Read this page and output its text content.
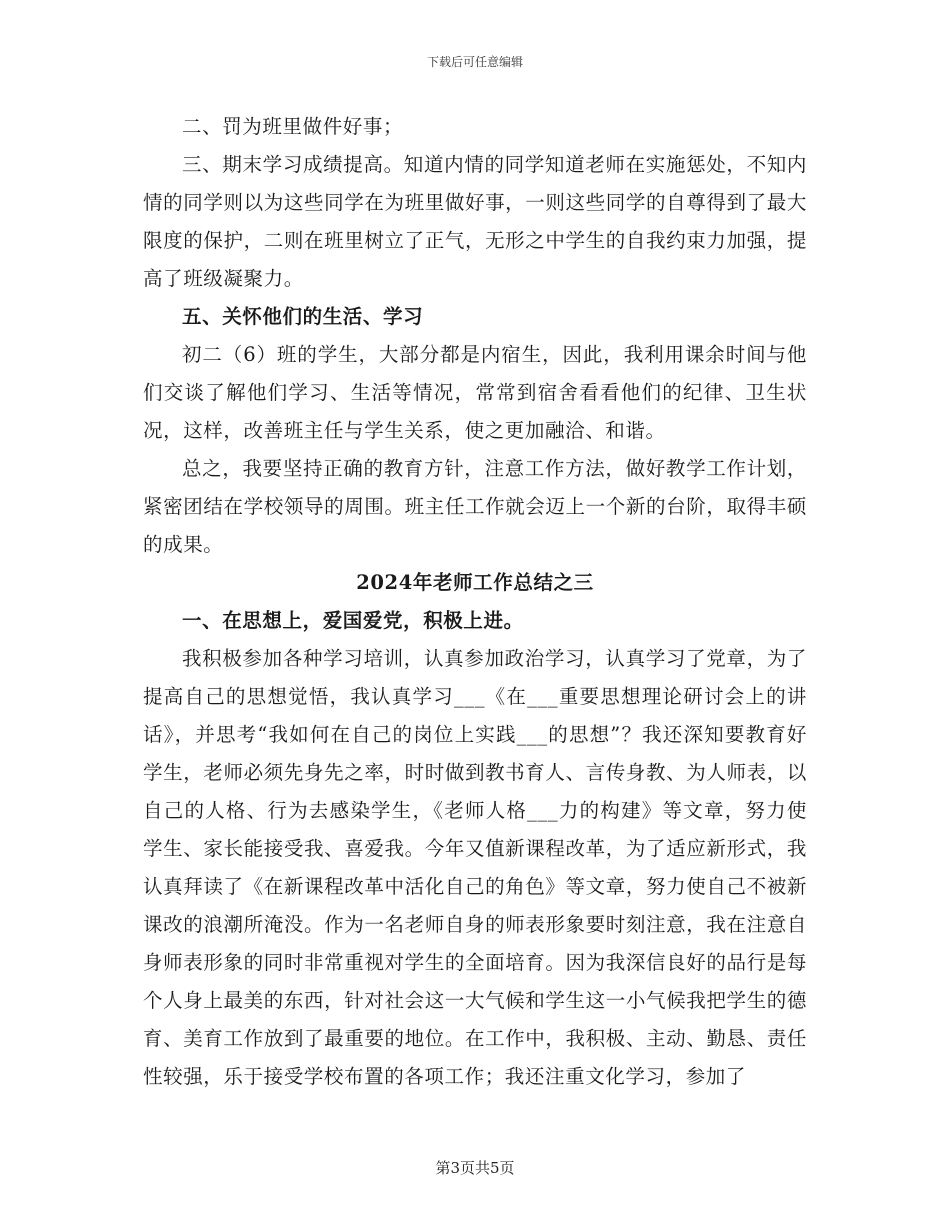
下载后可任意编辑

二、罚为班里做件好事；

三、期末学习成绩提高。知道内情的同学知道老师在实施惩处，不知内情的同学则以为这些同学在为班里做好事，一则这些同学的自尊得到了最大限度的保护，二则在班里树立了正气，无形之中学生的自我约束力加强，提高了班级凝聚力。

五、关怀他们的生活、学习

初二（6）班的学生，大部分都是内宿生，因此，我利用课余时间与他们交谈了解他们学习、生活等情况，常常到宿舍看看他们的纪律、卫生状况，这样，改善班主任与学生关系，使之更加融洽、和谐。

总之，我要坚持正确的教育方针，注意工作方法，做好教学工作计划，紧密团结在学校领导的周围。班主任工作就会迈上一个新的台阶，取得丰硕的成果。

2024年老师工作总结之三

一、在思想上，爱国爱党，积极上进。

我积极参加各种学习培训，认真参加政治学习，认真学习了党章，为了提高自己的思想觉悟，我认真学习___《在___重要思想理论研讨会上的讲话》，并思考“我如何在自己的岗位上实践___的思想”？我还深知要教育好学生，老师必须先身先之率，时时做到教书育人、言传身教、为人师表，以自己的人格、行为去感染学生，《老师人格___力的构建》等文章，努力使学生、家长能接受我、喜爱我。今年又值新课程改革，为了适应新形式，我认真拜读了《在新课程改革中活化自己的角色》等文章，努力使自己不被新课改的浪潮所淹没。作为一名老师自身的师表形象要时刻注意，我在注意自身师表形象的同时非常重视对学生的全面培育。因为我深信良好的品行是每个人身上最美的东西，针对社会这一大气候和学生这一小气候我把学生的德育、美育工作放到了最重要的地位。在工作中，我积极、主动、勤恳、责任性较强，乐于接受学校布置的各项工作；我还注重文化学习，参加了

第3页共5页
